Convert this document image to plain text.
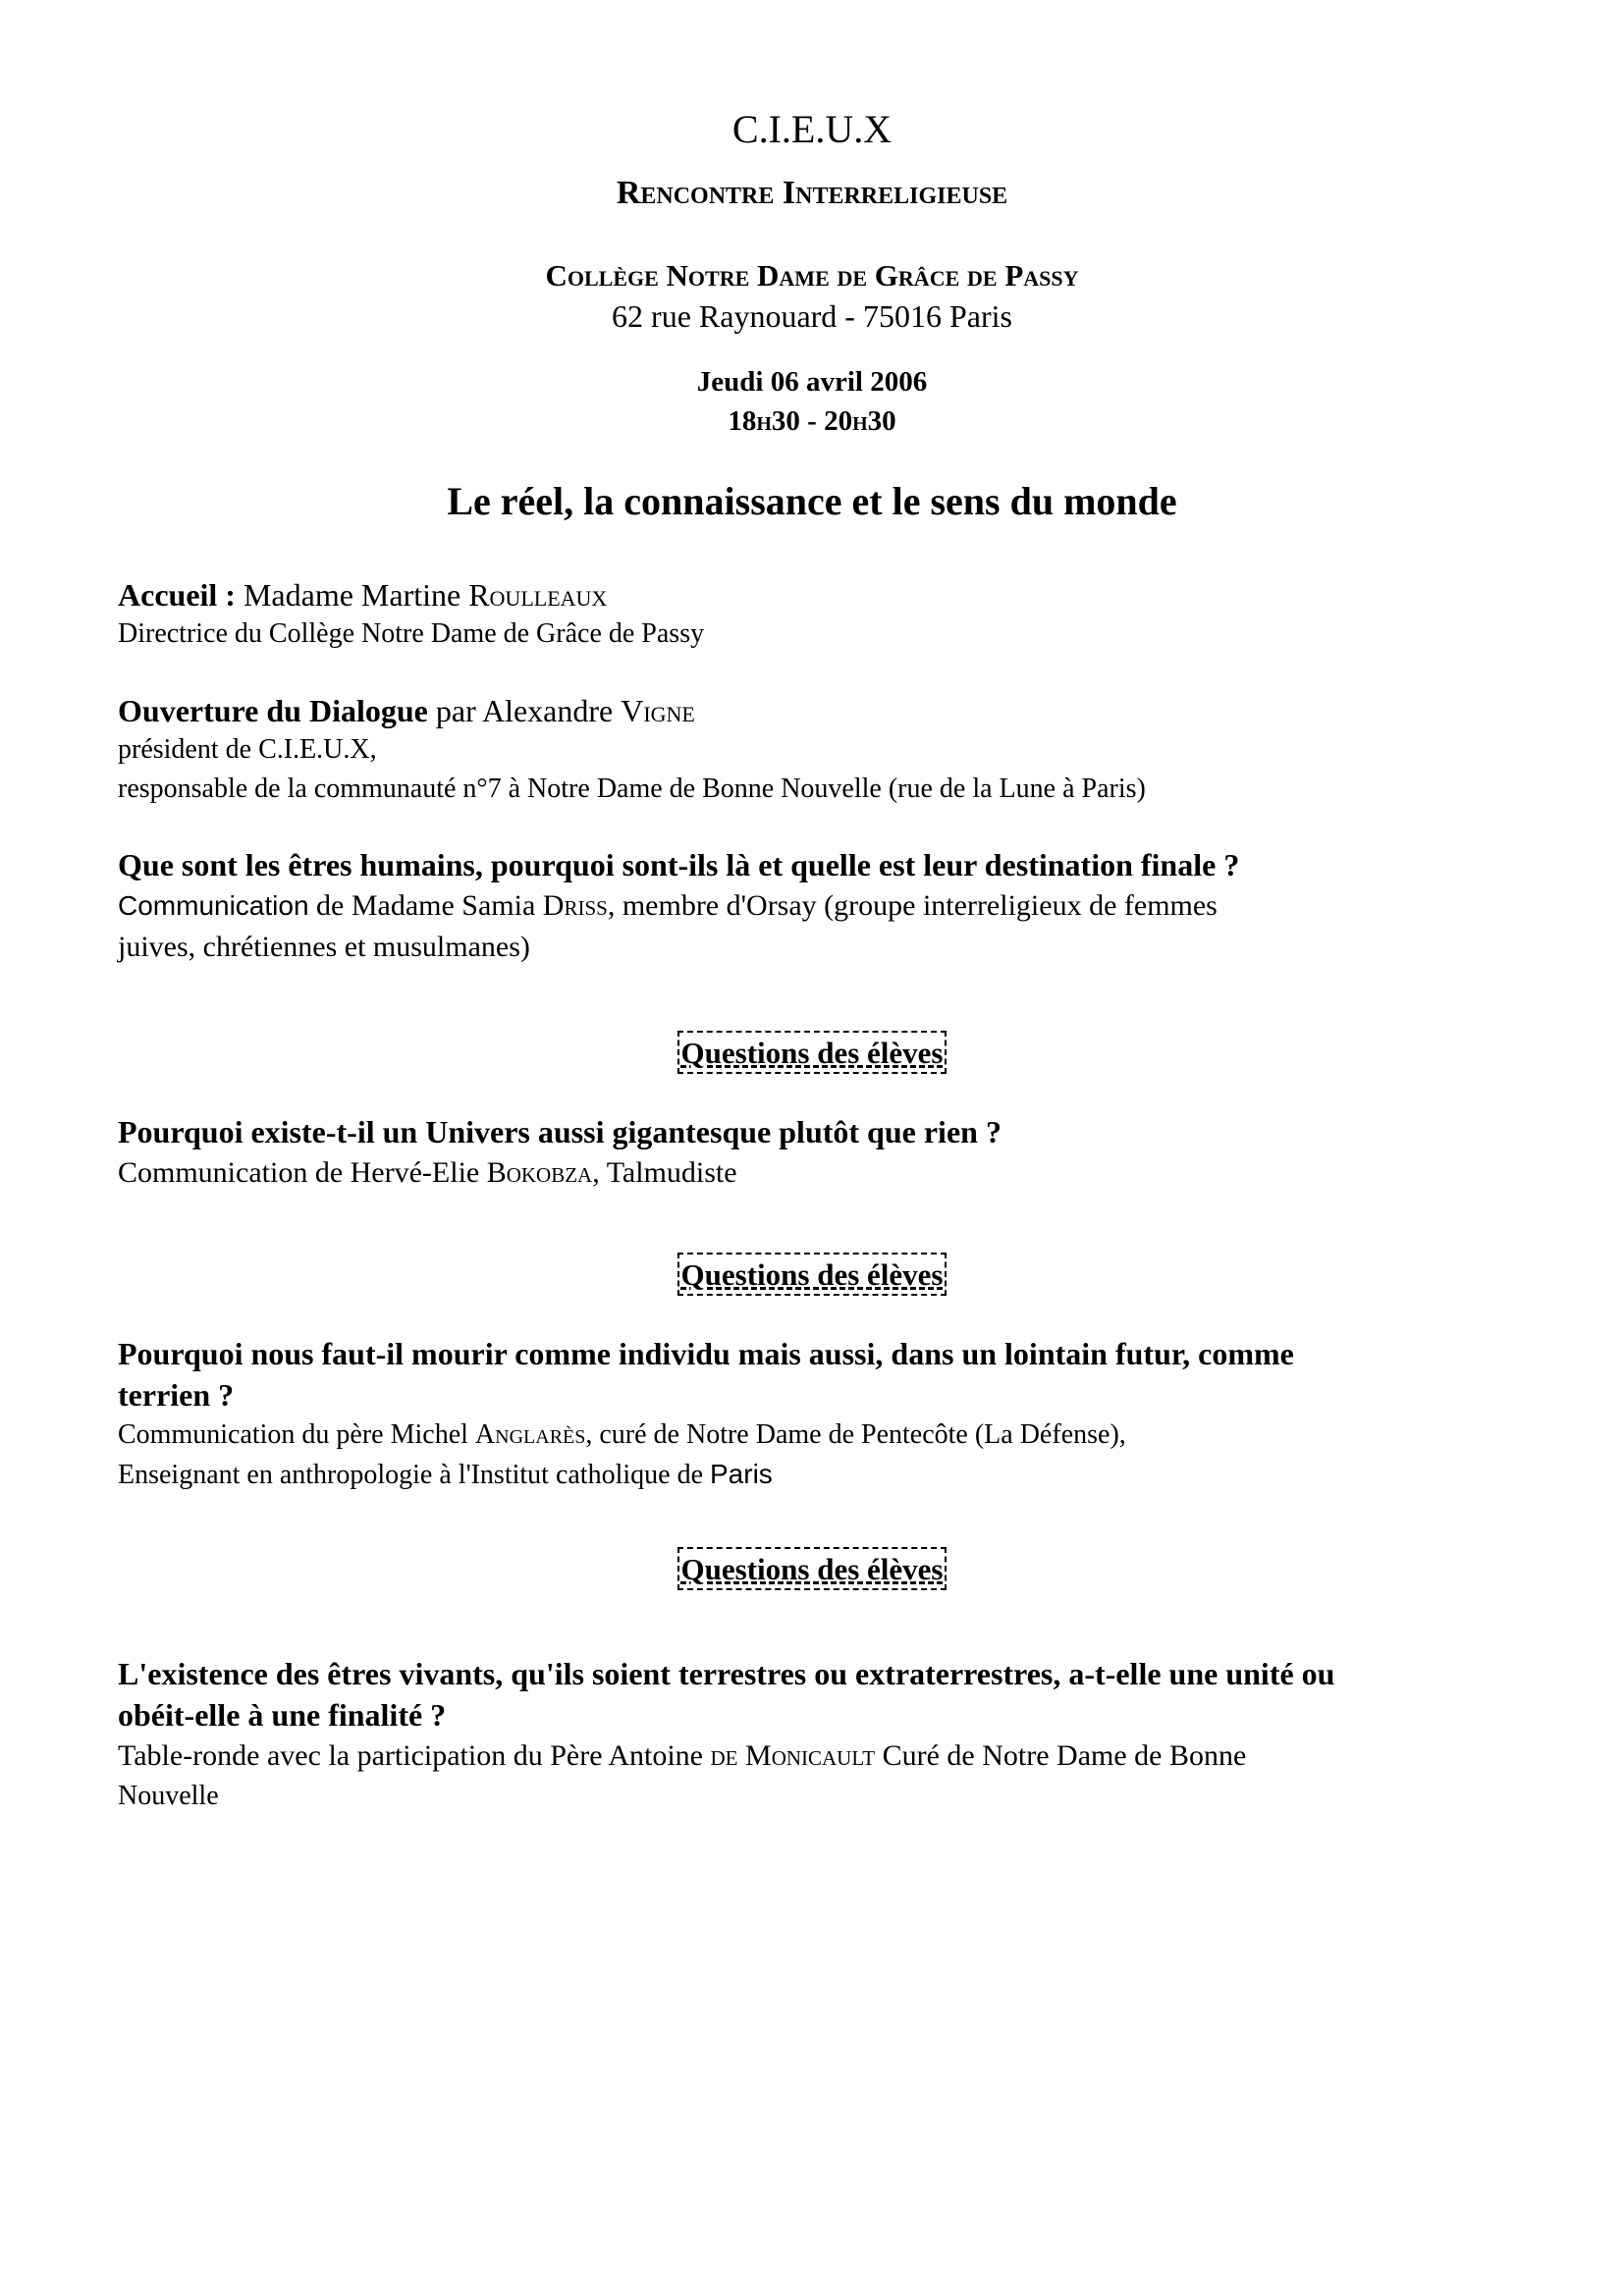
C.I.E.U.X
Rencontre Interreligieuse
Collège Notre Dame de Grâce de Passy
62 rue Raynouard - 75016 Paris
Jeudi 06 avril 2006
18h30 - 20h30
Le réel, la connaissance et le sens du monde
Accueil : Madame Martine Roulleaux
Directrice du Collège Notre Dame de Grâce de Passy
Ouverture du Dialogue par Alexandre Vigne
président de C.I.E.U.X,
responsable de la communauté n°7 à Notre Dame de Bonne Nouvelle (rue de la Lune à Paris)
Que sont les êtres humains, pourquoi sont-ils là et quelle est leur destination finale ?
Communication de Madame Samia Driss, membre d'Orsay (groupe interreligieux de femmes
juives, chrétiennes et musulmanes)
Questions des élèves
Pourquoi existe-t-il un Univers aussi gigantesque plutôt que rien ?
Communication de Hervé-Elie Bokobza, Talmudiste
Questions des élèves
Pourquoi nous faut-il mourir comme individu mais aussi, dans un lointain futur, comme
terrien ?
Communication du père Michel Anglarès, curé de Notre Dame de Pentecôte (La Défense),
Enseignant en anthropologie à l'Institut catholique de Paris
Questions des élèves
L'existence des êtres vivants, qu'ils soient terrestres ou extraterrestres, a-t-elle une unité ou
obéit-elle à une finalité ?
Table-ronde avec la participation du Père Antoine de Monicault Curé de Notre Dame de Bonne
Nouvelle
